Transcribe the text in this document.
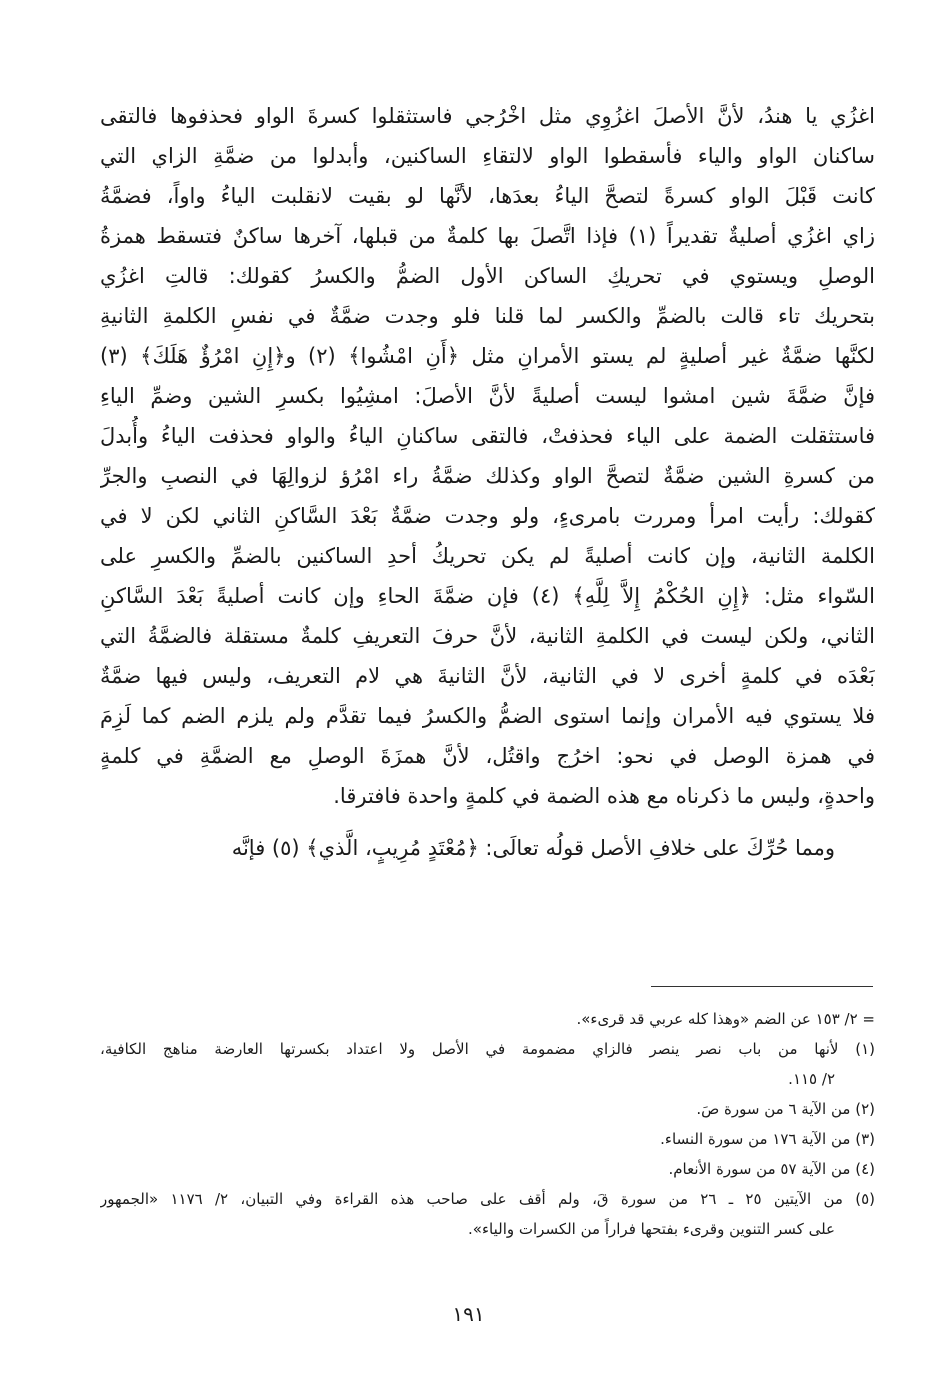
اغزُي يا هندُ، لأنَّ الأصلَ اغزُوِي مثل اخْرُجي فاستثقلوا كسرةَ الواو فحذفوها فالتقى
ساكنان الواو والياء فأسقطوا الواو لالتقاءِ الساكنين، وأبدلوا من ضمَّةِ الزاي التي
كانت قَبْلَ الواو كسرةً لتصحَّ الياءُ بعدَها، لأنَّها لو بقيت لانقلبت الياءُ واواً، فضمَّةُ
زاي اغزُي أصليةٌ تقديراً (١) فإذا اتَّصلَ بها كلمةٌ من قبلها، آخرها ساكنٌ فتسقط همزةُ
الوصلِ ويستوي في تحريكِ الساكن الأول الضمُّ والكسرُ كقولك: قالتِ اغزُي
بتحريك تاء قالت بالضمِّ والكسر لما قلنا فلو وجدت ضمَّةٌ في نفسِ الكلمةِ الثانيةِ
لكنَّها ضمَّةٌ غير أصليةٍ لم يستو الأمرانِ مثل ﴿أَنِ امْشُوا﴾ (٢) و﴿إِنِ امْرُؤٌ هَلَكَ﴾ (٣)
فإنَّ ضمَّةَ شين امشوا ليست أصليةً لأنَّ الأصلَ: امشِيُوا بكسرِ الشين وضمِّ الياءِ
فاستثقلت الضمة على الياء فحذفتْ، فالتقى ساكنانِ الياءُ والواو فحذفت الياءُ وأُبدلَ
من كسرةِ الشين ضمَّةٌ لتصحَّ الواو وكذلك ضمَّةُ راء امْرُؤ لزوالِهَا في النصبِ والجرِّ
كقولك: رأيت امرأ ومررت بامرىءٍ، ولو وجدت ضمَّةٌ بَعْدَ السَّاكنِ الثاني لكن لا في
الكلمة الثانية، وإن كانت أصليةً لم يكن تحريكُ أحدِ الساكنين بالضمِّ والكسرِ على
السّواء مثل: ﴿إِنِ الحُكْمُ إِلاَّ لِلَّهِ﴾ (٤) فإن ضمَّةَ الحاءِ وإن كانت أصليةً بَعْدَ السَّاكنِ
الثاني، ولكن ليست في الكلمةِ الثانية، لأنَّ حرفَ التعريفِ كلمةٌ مستقلة فالضمَّةُ التي
بَعْدَه في كلمةٍ أخرى لا في الثانية، لأنَّ الثانيةَ هي لام التعريف، وليس فيها ضمَّةٌ
فلا يستوي فيه الأمران وإنما استوى الضمُّ والكسرُ فيما تقدَّم ولم يلزم الضم كما لَزِمَ
في همزة الوصل في نحو: اخرُج واقتُل، لأنَّ همزَةَ الوصلِ مع الضمَّةِ في كلمةٍ
واحدةٍ، وليس ما ذكرناه مع هذه الضمة في كلمةٍ واحدة فافترقا.
ومما حُرِّكَ على خلافِ الأصل قولُه تعالَى: ﴿مُعْتَدٍ مُرِيبٍ، الَّذي﴾ (٥) فإنَّه
= ٢/ ١٥٣ عن الضم «وهذا كله عربي قد قرىء».
(١) لأنها من باب نصر ينصر فالزاي مضمومة في الأصل ولا اعتداد بكسرتها العارضة مناهج الكافية،
٢/ ١١٥.
(٢) من الآية ٦ من سورة صَ.
(٣) من الآية ١٧٦ من سورة النساء.
(٤) من الآية ٥٧ من سورة الأنعام.
(٥) من الآيتين ٢٥ ـ ٢٦ من سورة قَ، ولم أقف على صاحب هذه القراءة وفي التبيان، ٢/ ١١٧٦ «الجمهور
على كسر التنوين وقرىء بفتحها فراراً من الكسرات والياء».
١٩١
